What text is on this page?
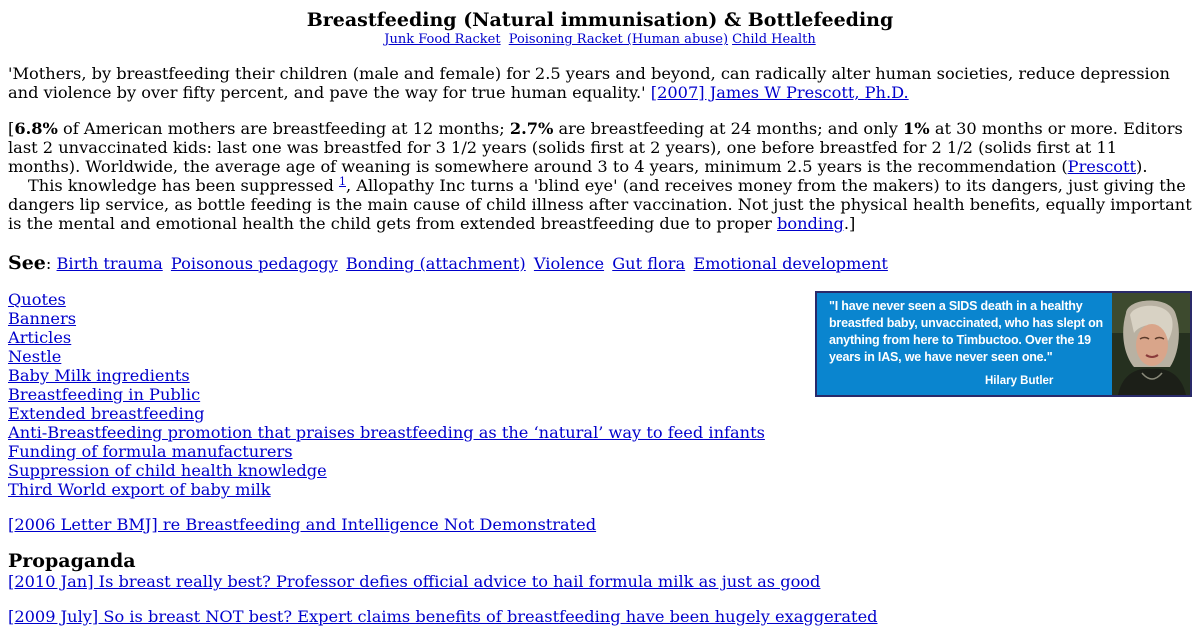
Breastfeeding (Natural immunisation) & Bottlefeeding
Junk Food Racket Poisoning Racket (Human abuse) Child Health

'Mothers, by breastfeeding their children (male and female) for 2.5 years and beyond, can radically alter human societies, reduce depression and violence by over fifty percent, and pave the way for true human equality.' [2007] James W Prescott, Ph.D.

[6.8% of American mothers are breastfeeding at 12 months; 2.7% are breastfeeding at 24 months; and only 1% at 30 months or more. Editors last 2 unvaccinated kids: last one was breastfed for 3 1/2 years (solids first at 2 years), one before breastfed for 2 1/2 (solids first at 11 months). Worldwide, the average age of weaning is somewhere around 3 to 4 years, minimum 2.5 years is the recommendation (Prescott).

This knowledge has been suppressed $^1$, Allopathy Inc turns a 'blind eye' (and receives money from the makers) to its dangers, just giving the dangers lip service, as bottle feeding is the main cause of child illness after vaccination. Not just the physical health benefits, equally important is the mental and emotional health the child gets from extended breastfeeding due to proper bonding.]

See: Birth trauma Poisonous pedagogy Bonding (attachment) Violence Gut flora Emotional development
Quotes
Banners
Articles
Nestle
Baby Milk ingredients
Breastfeeding in Public
Extended breastfeeding
Anti-Breastfeeding promotion that praises breastfeeding as the ‘natural’ way to feed infants
Funding of formula manufacturers
Suppression of child health knowledge
Third World export of baby milk
"I have never seen a SIDS death in a healthy breastfed baby, unvaccinated, who has slept on anything from here to Timbuctoo. Over the 19 years in IAS, we have never seen one."
Hilary Butler
[2006 Letter BMJ] re Breastfeeding and Intelligence Not Demonstrated
Propaganda
[2010 Jan] Is breast really best? Professor defies official advice to hail formula milk as just as good
[2009 July] So is breast NOT best? Expert claims benefits of breastfeeding have been hugely exaggerated
